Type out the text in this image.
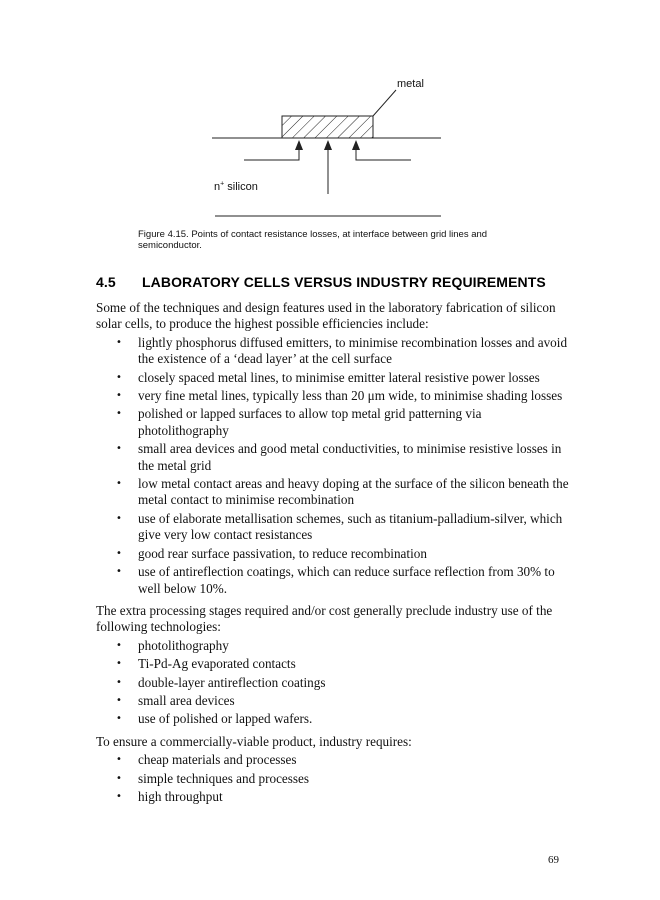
metal
n+ silicon
Figure 4.15. Points of contact resistance losses, at interface between grid lines and semiconductor.
4.5 LABORATORY CELLS VERSUS INDUSTRY REQUIREMENTS

Some of the techniques and design features used in the laboratory fabrication of silicon solar cells, to produce the highest possible efficiencies include:

• lightly phosphorus diffused emitters, to minimise recombination losses and avoid the existence of a ‘dead layer’ at the cell surface
• closely spaced metal lines, to minimise emitter lateral resistive power losses
• very fine metal lines, typically less than 20 μm wide, to minimise shading losses
• polished or lapped surfaces to allow top metal grid patterning via photolithography
• small area devices and good metal conductivities, to minimise resistive losses in the metal grid
• low metal contact areas and heavy doping at the surface of the silicon beneath the metal contact to minimise recombination
• use of elaborate metallisation schemes, such as titanium-palladium-silver, which give very low contact resistances
• good rear surface passivation, to reduce recombination
• use of antireflection coatings, which can reduce surface reflection from 30% to well below 10%.

The extra processing stages required and/or cost generally preclude industry use of the following technologies:

• photolithography
• Ti-Pd-Ag evaporated contacts
• double-layer antireflection coatings
• small area devices
• use of polished or lapped wafers.

To ensure a commercially-viable product, industry requires:

• cheap materials and processes
• simple techniques and processes
• high throughput
69
